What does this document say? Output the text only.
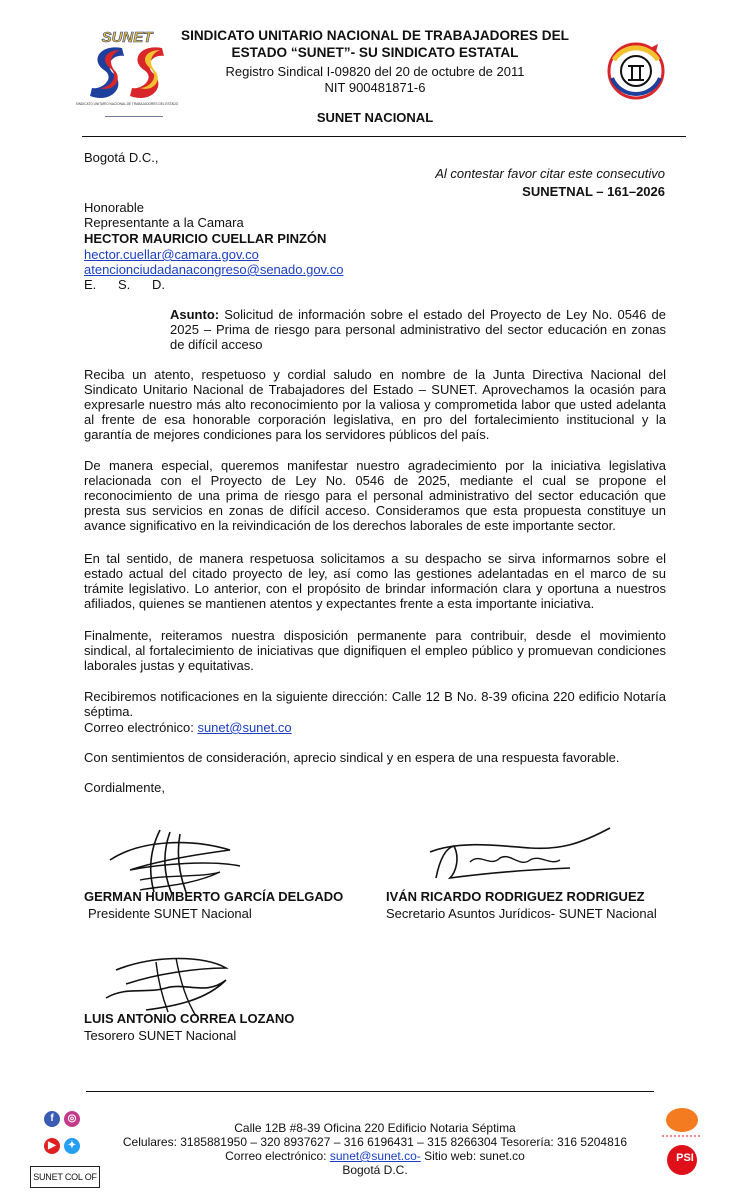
SUNET
SINDICATO UNITARIO NACIONAL DE TRABAJADORES DEL ESTADO
SINDICATO UNITARIO NACIONAL DE TRABAJADORES DEL
ESTADO “SUNET”- SU SINDICATO ESTATAL
Registro Sindical I-09820 del 20 de octubre de 2011
NIT 900481871-6
SUNET NACIONAL
Bogotá D.C.,
Al contestar favor citar este consecutivo
SUNETNAL – 161–2026
Honorable
Representante a la Camara
HECTOR MAURICIO CUELLAR PINZÓN
hector.cuellar@camara.gov.co
atencionciudadanacongreso@senado.gov.co
E. S. D.
Asunto: Solicitud de información sobre el estado del Proyecto de Ley No. 0546 de 2025 – Prima de riesgo para personal administrativo del sector educación en zonas de difícil acceso
Reciba un atento, respetuoso y cordial saludo en nombre de la Junta Directiva Nacional del Sindicato Unitario Nacional de Trabajadores del Estado – SUNET. Aprovechamos la ocasión para expresarle nuestro más alto reconocimiento por la valiosa y comprometida labor que usted adelanta al frente de esa honorable corporación legislativa, en pro del fortalecimiento institucional y la garantía de mejores condiciones para los servidores públicos del país.
De manera especial, queremos manifestar nuestro agradecimiento por la iniciativa legislativa relacionada con el Proyecto de Ley No. 0546 de 2025, mediante el cual se propone el reconocimiento de una prima de riesgo para el personal administrativo del sector educación que presta sus servicios en zonas de difícil acceso. Consideramos que esta propuesta constituye un avance significativo en la reivindicación de los derechos laborales de este importante sector.
En tal sentido, de manera respetuosa solicitamos a su despacho se sirva informarnos sobre el estado actual del citado proyecto de ley, así como las gestiones adelantadas en el marco de su trámite legislativo. Lo anterior, con el propósito de brindar información clara y oportuna a nuestros afiliados, quienes se mantienen atentos y expectantes frente a esta importante iniciativa.
Finalmente, reiteramos nuestra disposición permanente para contribuir, desde el movimiento sindical, al fortalecimiento de iniciativas que dignifiquen el empleo público y promuevan condiciones laborales justas y equitativas.
Recibiremos notificaciones en la siguiente dirección: Calle 12 B No. 8-39 oficina 220 edificio Notaría séptima.
Correo electrónico: sunet@sunet.co
Con sentimientos de consideración, aprecio sindical y en espera de una respuesta favorable.
Cordialmente,
GERMAN HUMBERTO GARCÍA DELGADO
Presidente SUNET Nacional
IVÁN RICARDO RODRIGUEZ RODRIGUEZ
Secretario Asuntos Jurídicos- SUNET Nacional
LUIS ANTONIO CORREA LOZANO
Tesorero SUNET Nacional
f	◎
▶	✦
SUNET COL OF
Calle 12B #8-39 Oficina 220 Edificio Notaria Séptima
Celulares: 3185881950 – 320 8937627 – 316 6196431 – 315 8266304 Tesorería: 316 5204816
Correo electrónico: sunet@sunet.co- Sitio web: sunet.co
Bogotá D.C.
PSI
